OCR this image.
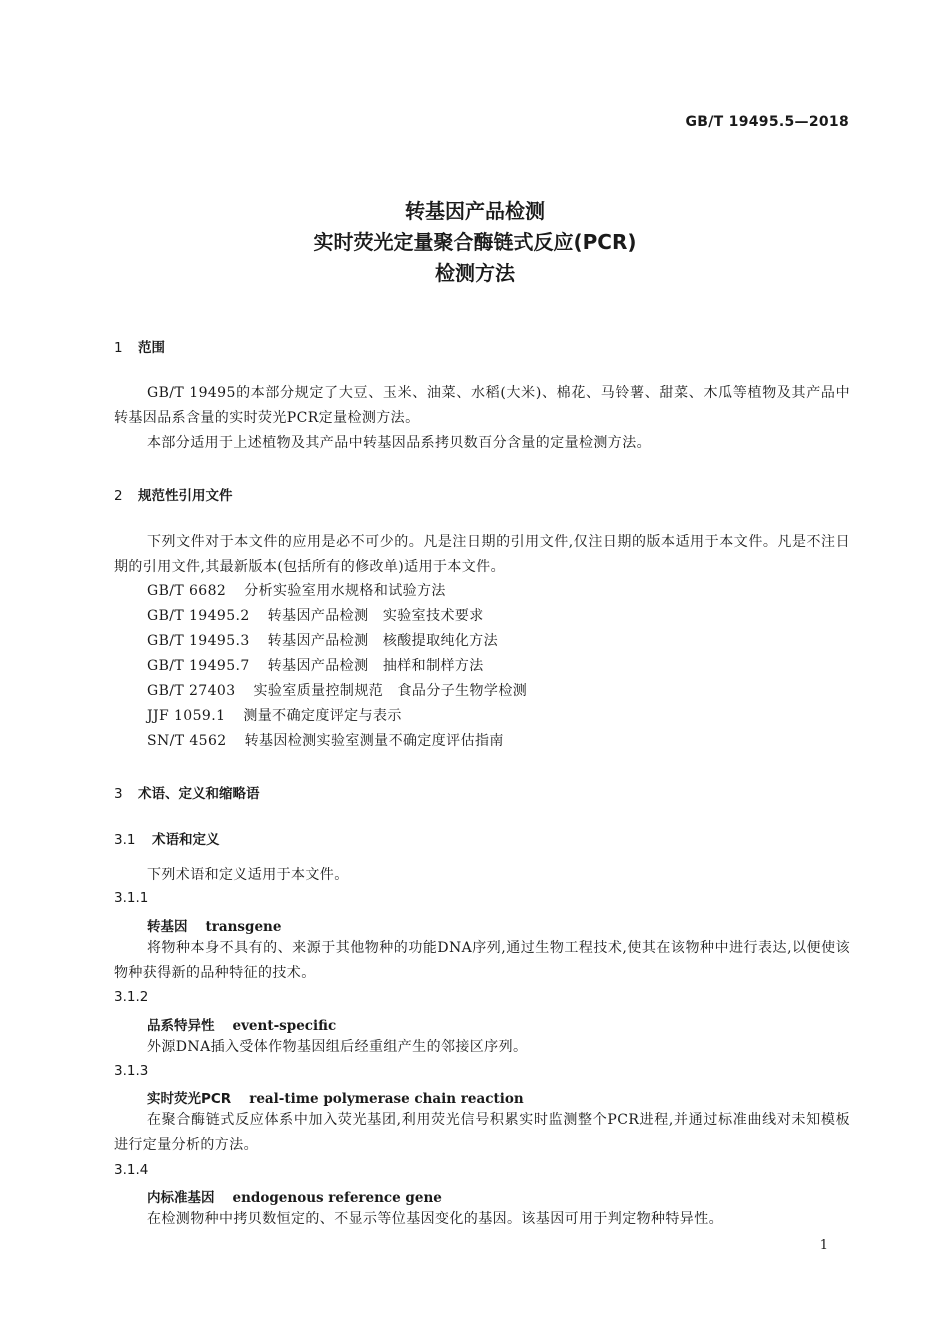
GB/T 19495.5—2018
转基因产品检测
实时荧光定量聚合酶链式反应(PCR)
检测方法
1 范围
GB/T 19495的本部分规定了大豆、玉米、油菜、水稻(大米)、棉花、马铃薯、甜菜、木瓜等植物及其产品中转基因品系含量的实时荧光PCR定量检测方法。
本部分适用于上述植物及其产品中转基因品系拷贝数百分含量的定量检测方法。
2 规范性引用文件
下列文件对于本文件的应用是必不可少的。凡是注日期的引用文件,仅注日期的版本适用于本文件。凡是不注日期的引用文件,其最新版本(包括所有的修改单)适用于本文件。
GB/T 6682 分析实验室用水规格和试验方法
GB/T 19495.2 转基因产品检测　实验室技术要求
GB/T 19495.3 转基因产品检测　核酸提取纯化方法
GB/T 19495.7 转基因产品检测　抽样和制样方法
GB/T 27403 实验室质量控制规范　食品分子生物学检测
JJF 1059.1 测量不确定度评定与表示
SN/T 4562 转基因检测实验室测量不确定度评估指南
3 术语、定义和缩略语
3.1 术语和定义
下列术语和定义适用于本文件。
3.1.1
转基因 transgene
将物种本身不具有的、来源于其他物种的功能DNA序列,通过生物工程技术,使其在该物种中进行表达,以便使该物种获得新的品种特征的技术。
3.1.2
品系特异性 event-specific
外源DNA插入受体作物基因组后经重组产生的邻接区序列。
3.1.3
实时荧光PCR real-time polymerase chain reaction
在聚合酶链式反应体系中加入荧光基团,利用荧光信号积累实时监测整个PCR进程,并通过标准曲线对未知模板进行定量分析的方法。
3.1.4
内标准基因 endogenous reference gene
在检测物种中拷贝数恒定的、不显示等位基因变化的基因。该基因可用于判定物种特异性。
1
